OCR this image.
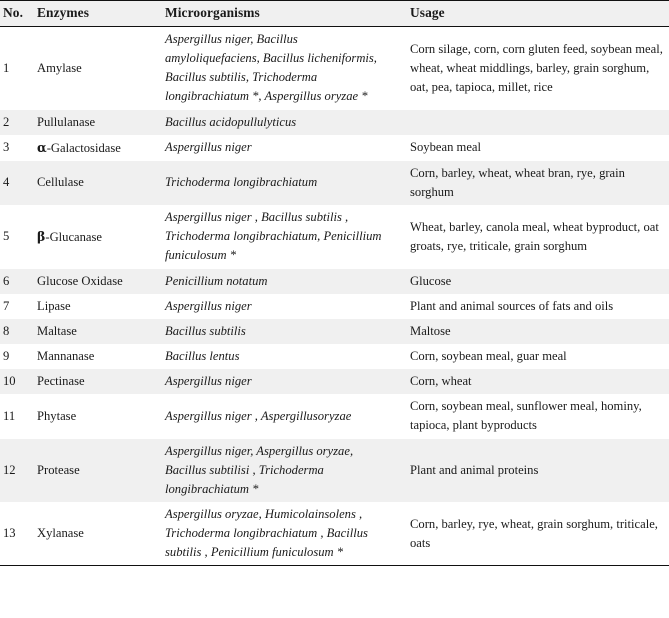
No.	Enzymes	Microorganisms	Usage
1	Amylase	Aspergillus niger, Bacillus amyloliquefaciens, Bacillus licheniformis, Bacillus subtilis, Trichoderma longibrachiatum *, Aspergillus oryzae *	Corn silage, corn, corn gluten feed, soybean meal, wheat, wheat middlings, barley, grain sorghum, oat, pea, tapioca, millet, rice
2	Pullulanase	Bacillus acidopullulyticus	
3	α-Galactosidase	Aspergillus niger	Soybean meal
4	Cellulase	Trichoderma longibrachiatum	Corn, barley, wheat, wheat bran, rye, grain sorghum
5	β-Glucanase	Aspergillus niger , Bacillus subtilis , Trichoderma longibrachiatum, Penicillium funiculosum *	Wheat, barley, canola meal, wheat byproduct, oat groats, rye, triticale, grain sorghum
6	Glucose Oxidase	Penicillium notatum	Glucose
7	Lipase	Aspergillus niger	Plant and animal sources of fats and oils
8	Maltase	Bacillus subtilis	Maltose
9	Mannanase	Bacillus lentus	Corn, soybean meal, guar meal
10	Pectinase	Aspergillus niger	Corn, wheat
11	Phytase	Aspergillus niger , Aspergillusoryzae	Corn, soybean meal, sunflower meal, hominy, tapioca, plant byproducts
12	Protease	Aspergillus niger, Aspergillus oryzae, Bacillus subtilisi , Trichoderma longibrachiatum *	Plant and animal proteins
13	Xylanase	Aspergillus oryzae, Humicolainsolens , Trichoderma longibrachiatum , Bacillus subtilis , Penicillium funiculosum *	Corn, barley, rye, wheat, grain sorghum, triticale, oats
